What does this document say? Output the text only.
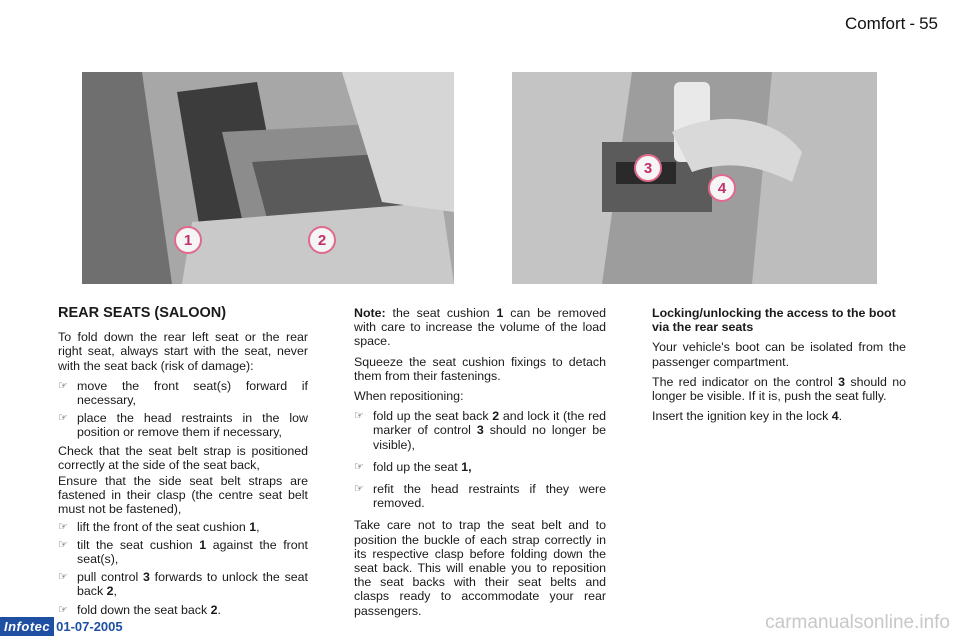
Comfort - 55
1	2
3
4
REAR SEATS (SALOON)

To fold down the rear left seat or the rear right seat, always start with the seat, never with the seat back (risk of damage):

☞ move the front seat(s) forward if necessary,
☞ place the head restraints in the low position or remove them if necessary,

Check that the seat belt strap is positioned correctly at the side of the seat back,

Ensure that the side seat belt straps are fastened in their clasp (the centre seat belt must not be fastened),

☞ lift the front of the seat cushion 1,
☞ tilt the seat cushion 1 against the front seat(s),
☞ pull control 3 forwards to unlock the seat back 2,
☞ fold down the seat back 2.

Note: the seat cushion 1 can be removed with care to increase the volume of the load space.

Squeeze the seat cushion fixings to detach them from their fastenings.

When repositioning:

☞ fold up the seat back 2 and lock it (the red marker of control 3 should no longer be visible),
☞ fold up the seat 1,
☞ refit the head restraints if they were removed.

Take care not to trap the seat belt and to position the buckle of each strap correctly in its respective clasp before folding down the seat back. This will enable you to reposition the seat backs with their seat belts and clasps ready to accommodate your rear passengers.

Locking/unlocking the access to the boot via the rear seats

Your vehicle's boot can be isolated from the passenger compartment.

The red indicator on the control 3 should no longer be visible. If it is, push the seat fully.

Insert the ignition key in the lock 4.

Infotec 01-07-2005	carmanualsonline.info
